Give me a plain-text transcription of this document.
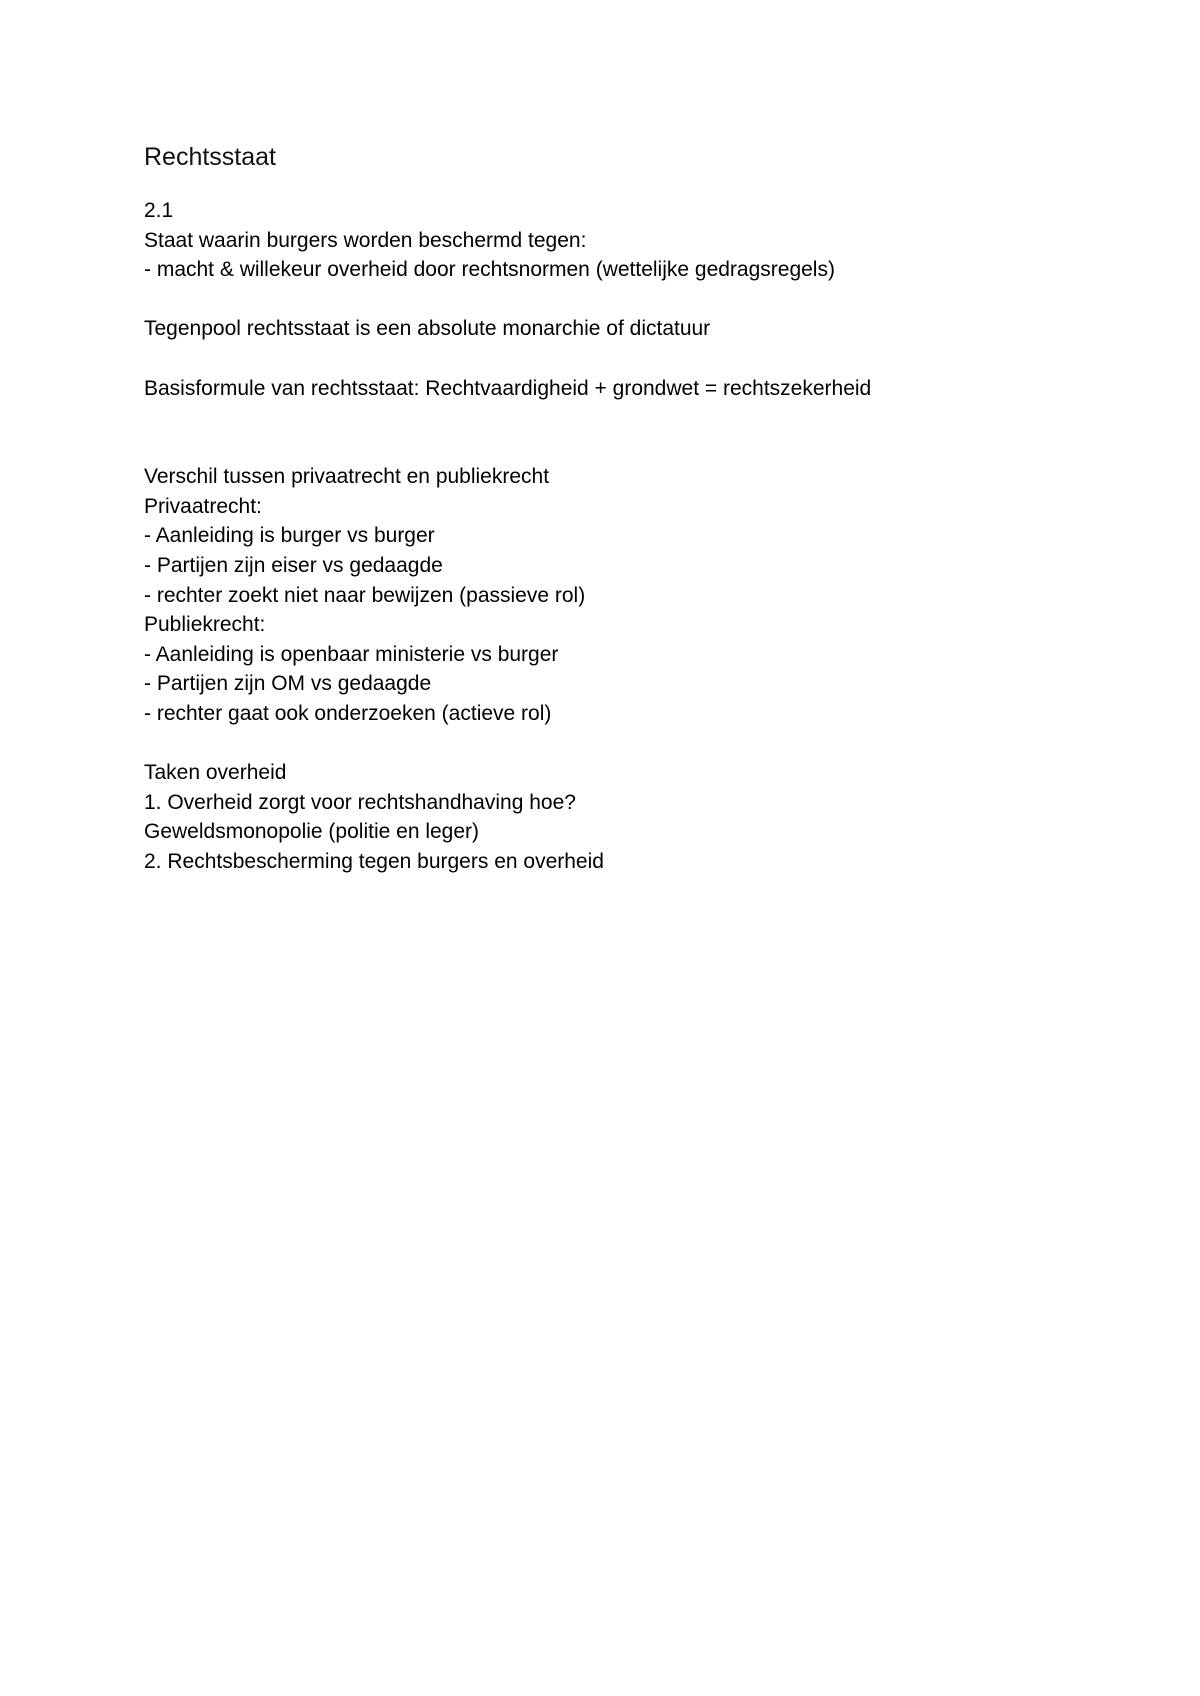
Rechtsstaat
2.1
Staat waarin burgers worden beschermd tegen:
- macht & willekeur overheid door rechtsnormen (wettelijke gedragsregels)
Tegenpool rechtsstaat is een absolute monarchie of dictatuur
Basisformule van rechtsstaat: Rechtvaardigheid + grondwet = rechtszekerheid
Verschil tussen privaatrecht en publiekrecht
Privaatrecht:
- Aanleiding is burger vs burger
- Partijen zijn eiser vs gedaagde
- rechter zoekt niet naar bewijzen (passieve rol)
Publiekrecht:
- Aanleiding is openbaar ministerie vs burger
- Partijen zijn OM vs gedaagde
- rechter gaat ook onderzoeken (actieve rol)
Taken overheid
1. Overheid zorgt voor rechtshandhaving hoe?
Geweldsmonopolie (politie en leger)
2. Rechtsbescherming tegen burgers en overheid
